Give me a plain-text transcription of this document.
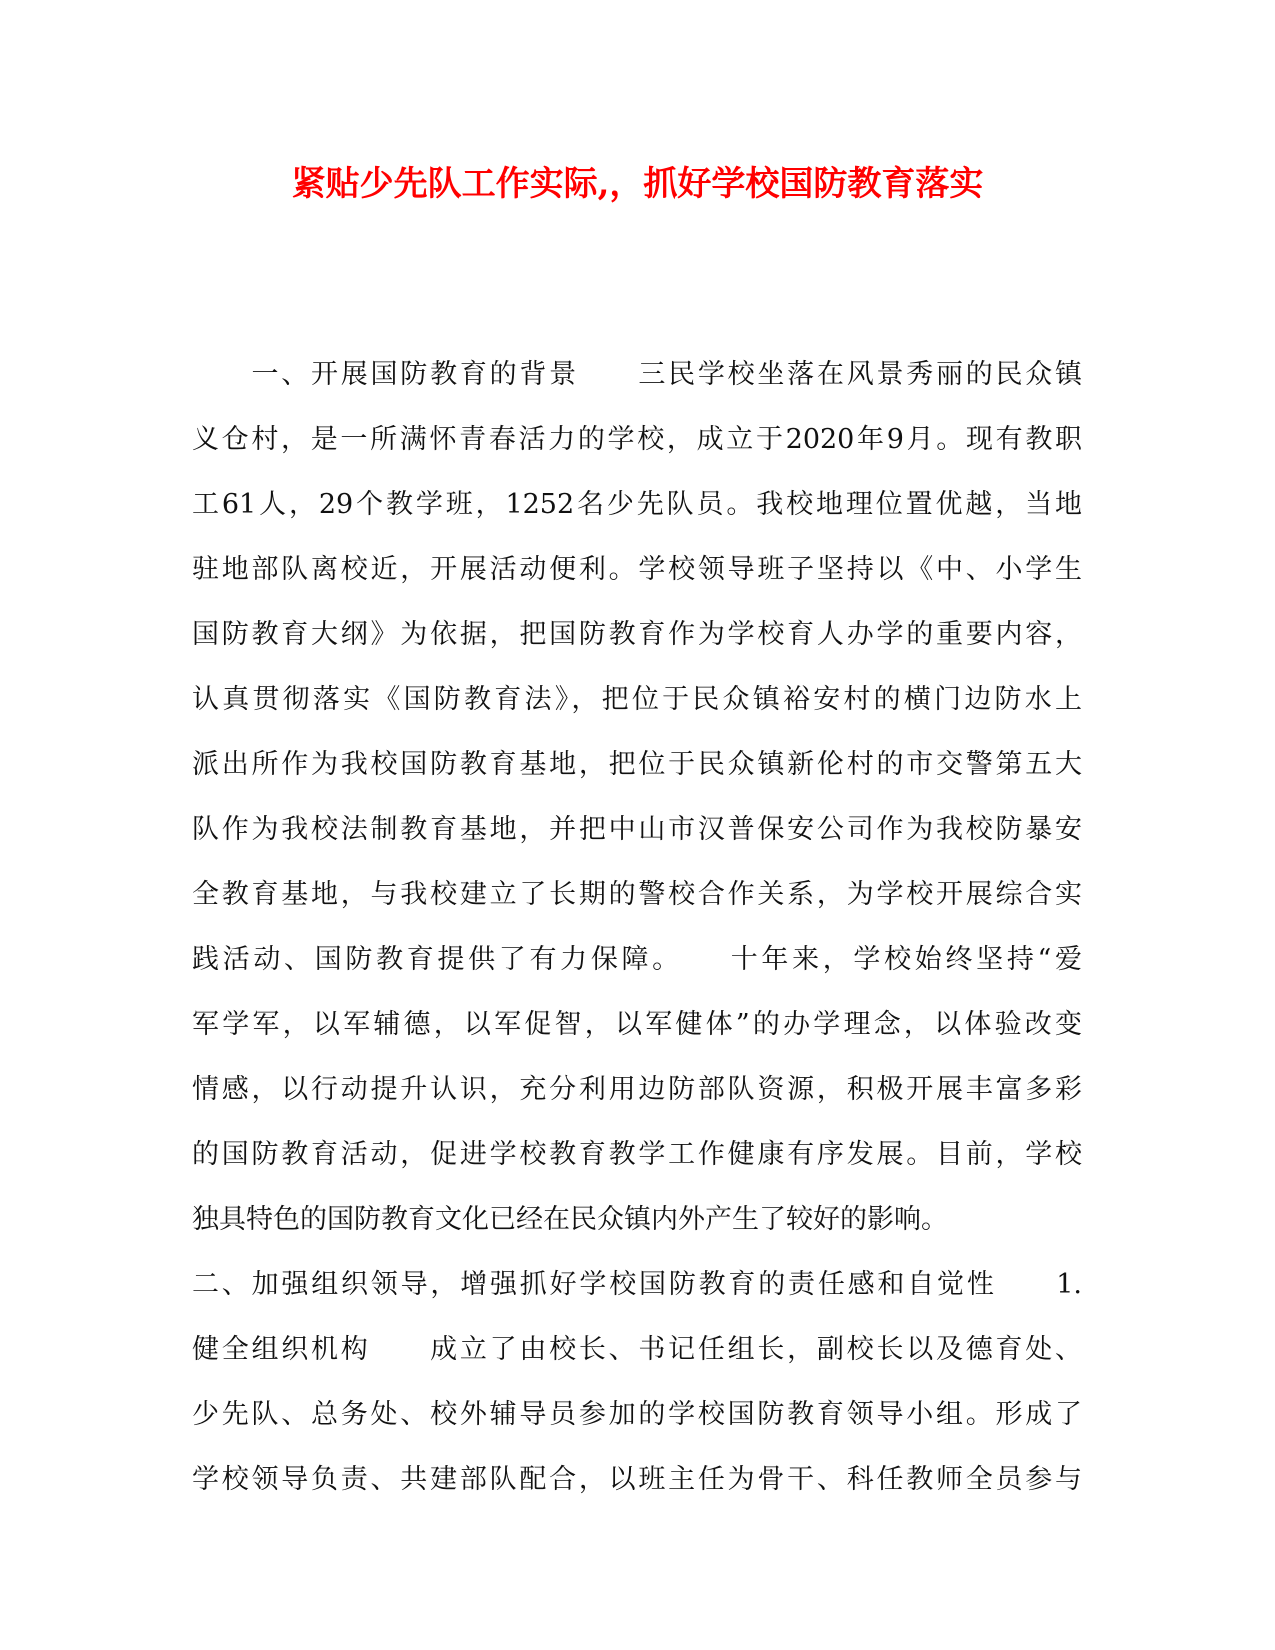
紧贴少先队工作实际,，抓好学校国防教育落实
　　一、开展国防教育的背景　　三民学校坐落在风景秀丽的民众镇
义仓村，是一所满怀青春活力的学校，成立于2020年9月。现有教职
工61人，29个教学班，1252名少先队员。我校地理位置优越，当地
驻地部队离校近，开展活动便利。学校领导班子坚持以《中、小学生
国防教育大纲》为依据，把国防教育作为学校育人办学的重要内容，
认真贯彻落实《国防教育法》，把位于民众镇裕安村的横门边防水上
派出所作为我校国防教育基地，把位于民众镇新伦村的市交警第五大
队作为我校法制教育基地，并把中山市汉普保安公司作为我校防暴安
全教育基地，与我校建立了长期的警校合作关系，为学校开展综合实
践活动、国防教育提供了有力保障。　　十年来，学校始终坚持“爱
军学军，以军辅德，以军促智，以军健体”的办学理念，以体验改变
情感，以行动提升认识，充分利用边防部队资源，积极开展丰富多彩
的国防教育活动，促进学校教育教学工作健康有序发展。目前，学校
独具特色的国防教育文化已经在民众镇内外产生了较好的影响。
二、加强组织领导，增强抓好学校国防教育的责任感和自觉性　　1.
健全组织机构　　成立了由校长、书记任组长，副校长以及德育处、
少先队、总务处、校外辅导员参加的学校国防教育领导小组。形成了
学校领导负责、共建部队配合，以班主任为骨干、科任教师全员参与
